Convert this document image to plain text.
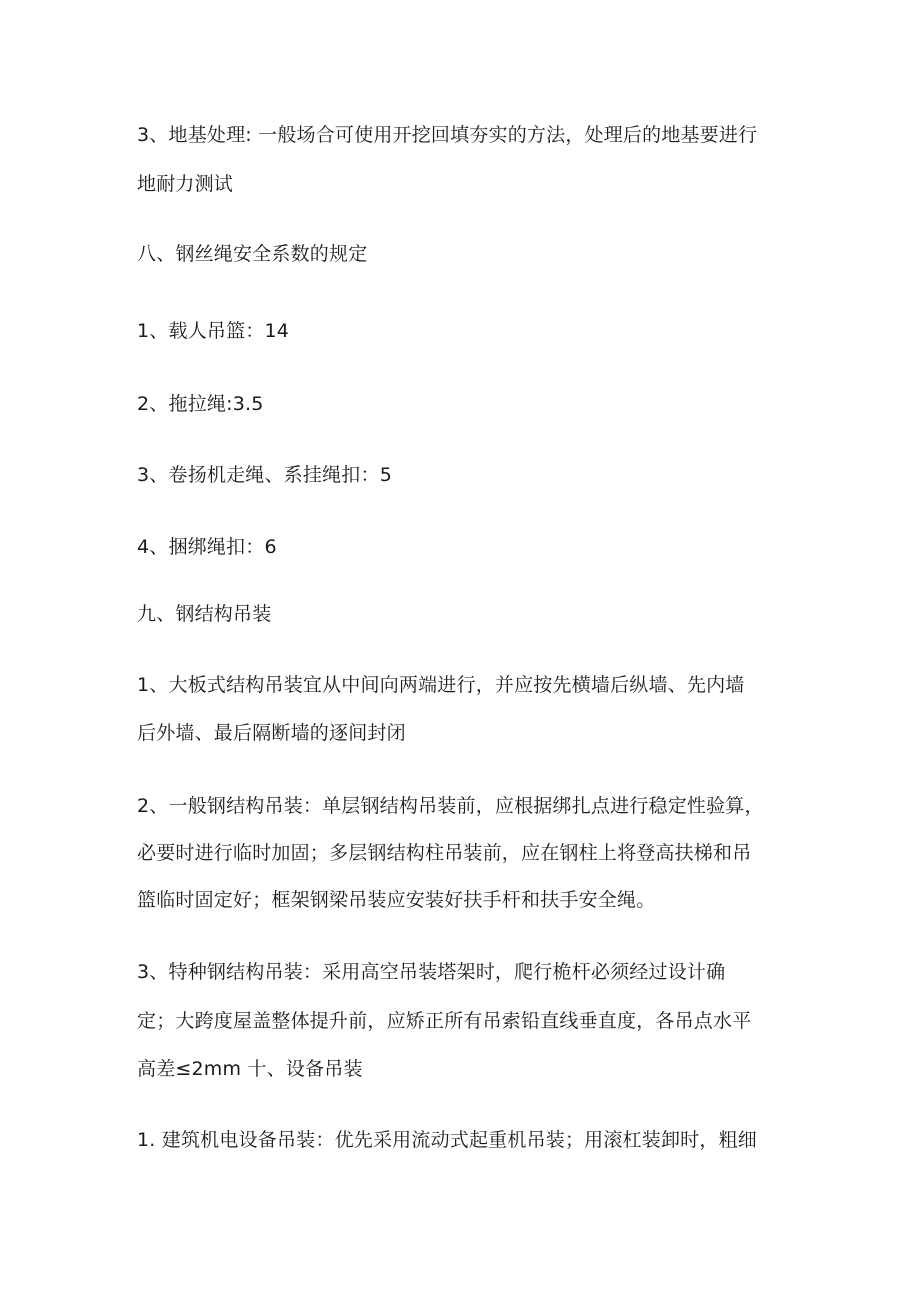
3、地基处理: 一般场合可使用开挖回填夯实的方法，处理后的地基要进行
地耐力测试
八、钢丝绳安全系数的规定
1、载人吊篮：14
2、拖拉绳:3.5
3、卷扬机走绳、系挂绳扣：5
4、捆绑绳扣：6
九、钢结构吊装
1、大板式结构吊装宜从中间向两端进行，并应按先横墙后纵墙、先内墙
后外墙、最后隔断墙的逐间封闭
2、一般钢结构吊装：单层钢结构吊装前，应根据绑扎点进行稳定性验算，
必要时进行临时加固；多层钢结构柱吊装前，应在钢柱上将登高扶梯和吊
篮临时固定好；框架钢梁吊装应安装好扶手杆和扶手安全绳。
3、特种钢结构吊装：采用高空吊装塔架时，爬行桅杆必须经过设计确
定；大跨度屋盖整体提升前，应矫正所有吊索铅直线垂直度，各吊点水平
高差≤2mm 十、设备吊装
1. 建筑机电设备吊装：优先采用流动式起重机吊装；用滚杠装卸时，粗细
